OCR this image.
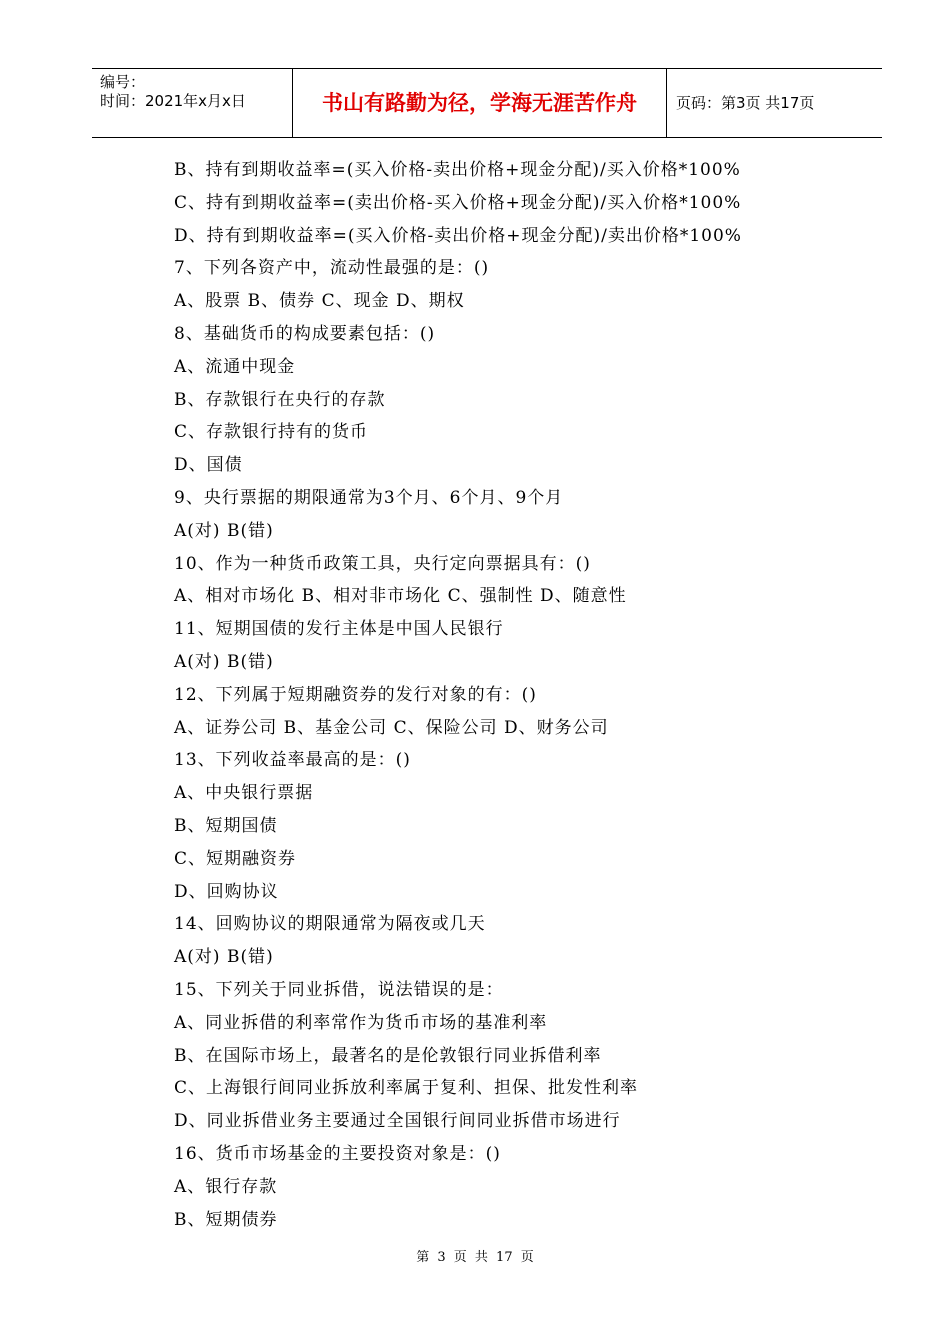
编号：
时间：2021年x月x日	书山有路勤为径，学海无涯苦作舟	页码：第3页 共17页
B、持有到期收益率=(买入价格-卖出价格+现金分配)/买入价格*100%
C、持有到期收益率=(卖出价格-买入价格+现金分配)/买入价格*100%
D、持有到期收益率=(买入价格-卖出价格+现金分配)/卖出价格*100%
7、下列各资产中，流动性最强的是：()
A、股票 B、债券 C、现金 D、期权
8、基础货币的构成要素包括：()
A、流通中现金
B、存款银行在央行的存款
C、存款银行持有的货币
D、国债
9、央行票据的期限通常为3个月、6个月、9个月
A(对) B(错)
10、作为一种货币政策工具，央行定向票据具有：()
A、相对市场化 B、相对非市场化 C、强制性 D、随意性
11、短期国债的发行主体是中国人民银行
A(对) B(错)
12、下列属于短期融资券的发行对象的有：()
A、证券公司 B、基金公司 C、保险公司 D、财务公司
13、下列收益率最高的是：()
A、中央银行票据
B、短期国债
C、短期融资券
D、回购协议
14、回购协议的期限通常为隔夜或几天
A(对) B(错)
15、下列关于同业拆借，说法错误的是：
A、同业拆借的利率常作为货币市场的基准利率
B、在国际市场上，最著名的是伦敦银行同业拆借利率
C、上海银行间同业拆放利率属于复利、担保、批发性利率
D、同业拆借业务主要通过全国银行间同业拆借市场进行
16、货币市场基金的主要投资对象是：()
A、银行存款
B、短期债券
第 3 页 共 17 页
